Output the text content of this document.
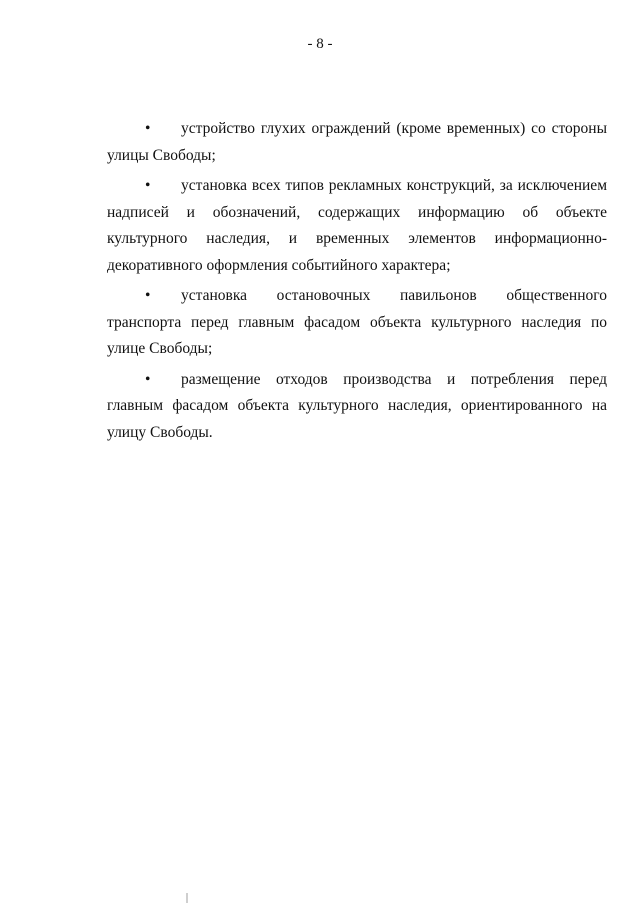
- 8 -

• устройство глухих ограждений (кроме временных) со стороны улицы Свободы;

• установка всех типов рекламных конструкций, за исключением надписей и обозначений, содержащих информацию об объекте культурного наследия, и временных элементов информационно-декоративного оформления событийного характера;

• установка остановочных павильонов общественного транспорта перед главным фасадом объекта культурного наследия по улице Свободы;

• размещение отходов производства и потребления перед главным фасадом объекта культурного наследия, ориентированного на улицу Свободы.
